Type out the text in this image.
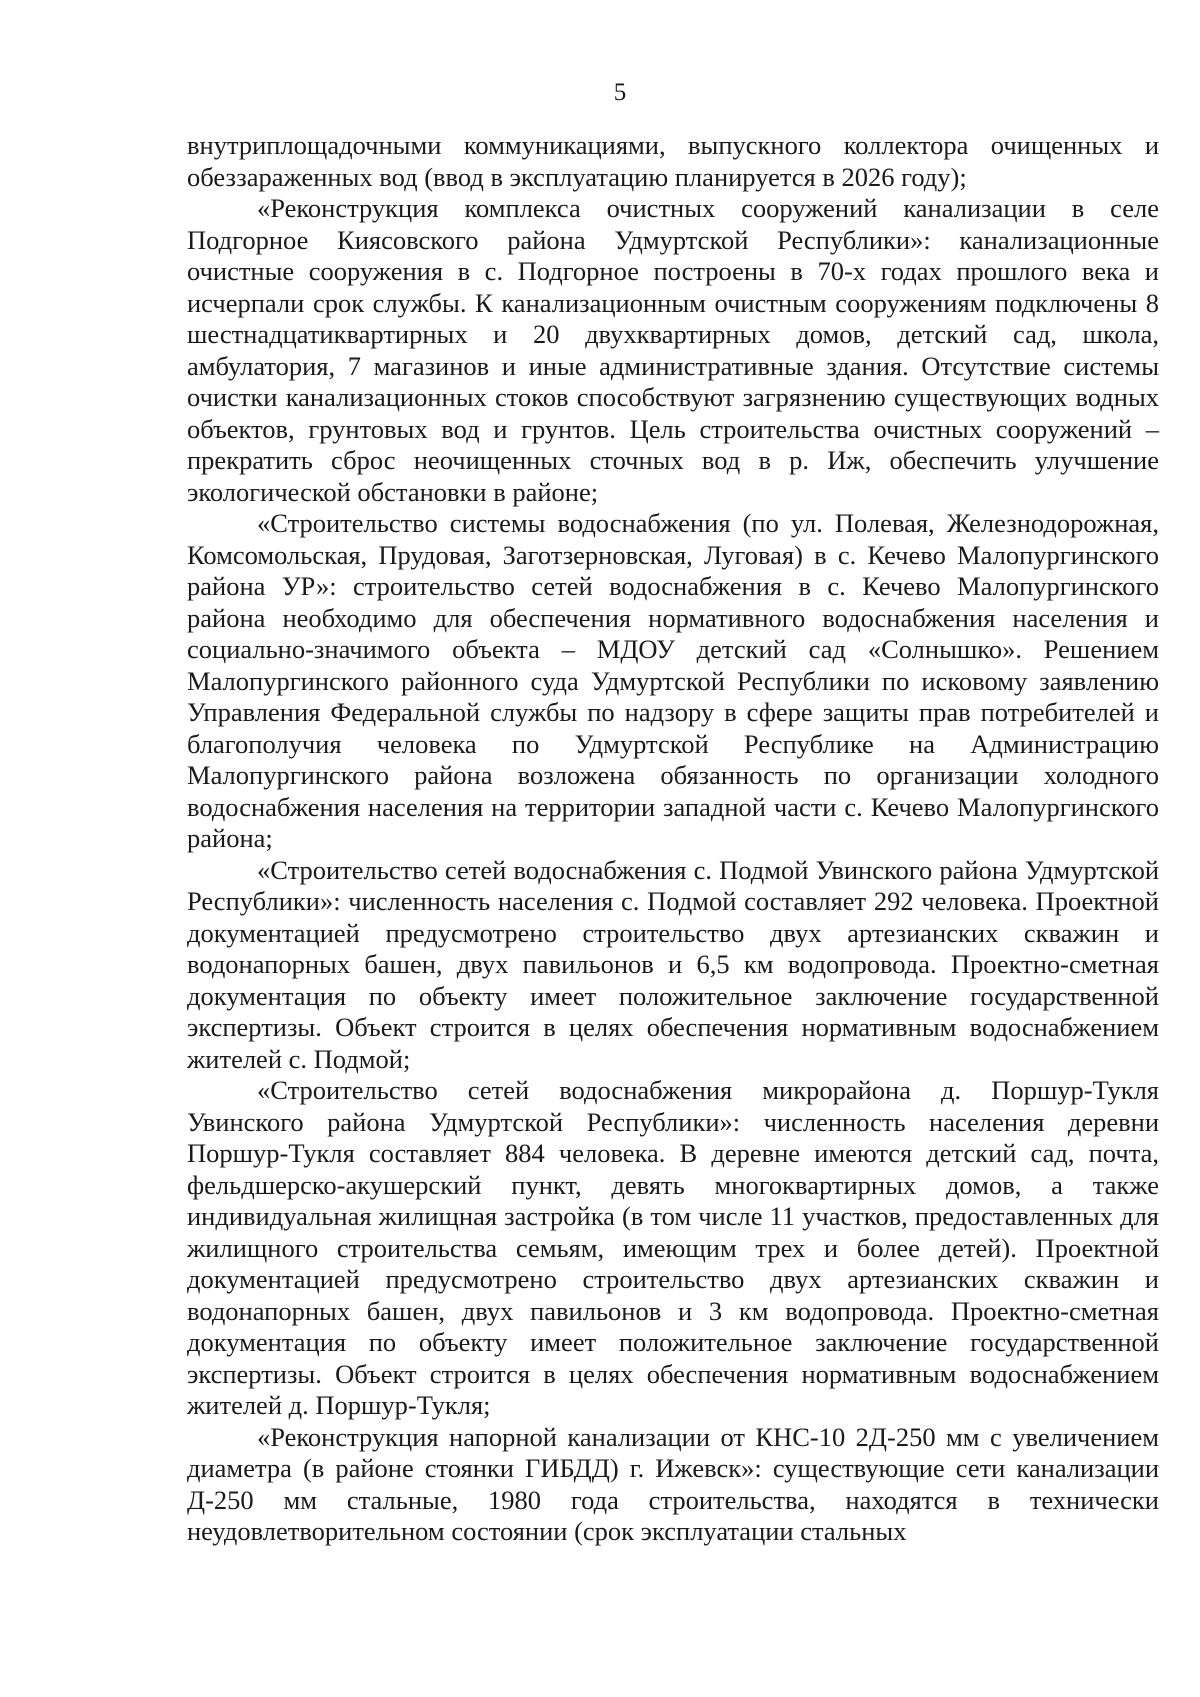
5

внутриплощадочными коммуникациями, выпускного коллектора очищенных и обеззараженных вод (ввод в эксплуатацию планируется в 2026 году);

«Реконструкция комплекса очистных сооружений канализации в селе Подгорное Киясовского района Удмуртской Республики»: канализационные очистные сооружения в с. Подгорное построены в 70-х годах прошлого века и исчерпали срок службы. К канализационным очистным сооружениям подключены 8 шестнадцатиквартирных и 20 двухквартирных домов, детский сад, школа, амбулатория, 7 магазинов и иные административные здания. Отсутствие системы очистки канализационных стоков способствуют загрязнению существующих водных объектов, грунтовых вод и грунтов. Цель строительства очистных сооружений – прекратить сброс неочищенных сточных вод в р. Иж, обеспечить улучшение экологической обстановки в районе;

«Строительство системы водоснабжения (по ул. Полевая, Железнодорожная, Комсомольская, Прудовая, Заготзерновская, Луговая) в с. Кечево Малопургинского района УР»: строительство сетей водоснабжения в с. Кечево Малопургинского района необходимо для обеспечения нормативного водоснабжения населения и социально-значимого объекта – МДОУ детский сад «Солнышко». Решением Малопургинского районного суда Удмуртской Республики по исковому заявлению Управления Федеральной службы по надзору в сфере защиты прав потребителей и благополучия человека по Удмуртской Республике на Администрацию Малопургинского района возложена обязанность по организации холодного водоснабжения населения на территории западной части с. Кечево Малопургинского района;

«Строительство сетей водоснабжения с. Подмой Увинского района Удмуртской Республики»: численность населения с. Подмой составляет 292 человека. Проектной документацией предусмотрено строительство двух артезианских скважин и водонапорных башен, двух павильонов и 6,5 км водопровода. Проектно-сметная документация по объекту имеет положительное заключение государственной экспертизы. Объект строится в целях обеспечения нормативным водоснабжением жителей с. Подмой;

«Строительство сетей водоснабжения микрорайона д. Поршур-Тукля Увинского района Удмуртской Республики»: численность населения деревни Поршур-Тукля составляет 884 человека. В деревне имеются детский сад, почта, фельдшерско-акушерский пункт, девять многоквартирных домов, а также индивидуальная жилищная застройка (в том числе 11 участков, предоставленных для жилищного строительства семьям, имеющим трех и более детей). Проектной документацией предусмотрено строительство двух артезианских скважин и водонапорных башен, двух павильонов и 3 км водопровода. Проектно-сметная документация по объекту имеет положительное заключение государственной экспертизы. Объект строится в целях обеспечения нормативным водоснабжением жителей д. Поршур-Тукля;

«Реконструкция напорной канализации от КНС-10 2Д-250 мм с увеличением диаметра (в районе стоянки ГИБДД) г. Ижевск»: существующие сети канализации Д-250 мм стальные, 1980 года строительства, находятся в технически неудовлетворительном состоянии (срок эксплуатации стальных
